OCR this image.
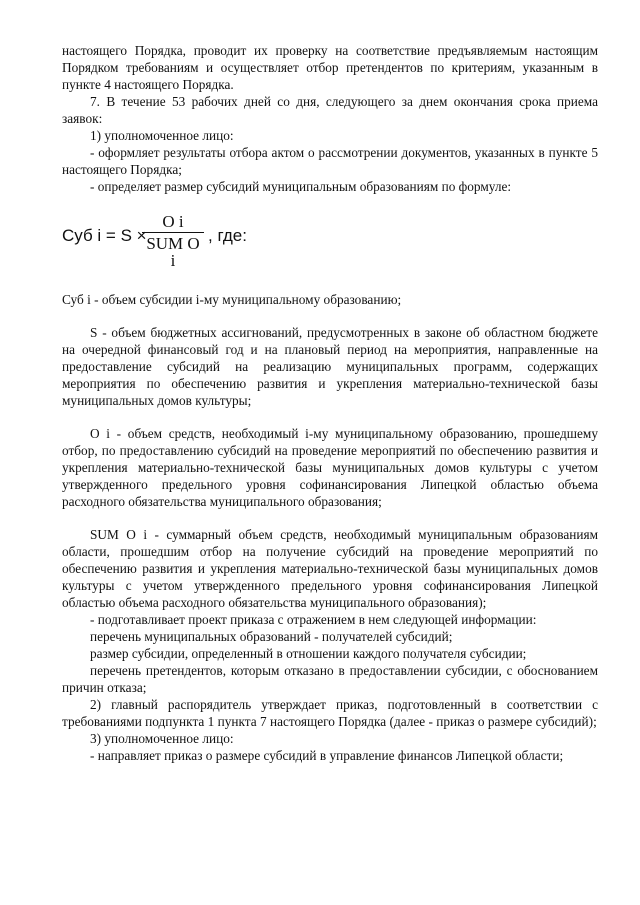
настоящего Порядка, проводит их проверку на соответствие предъявляемым настоящим Порядком требованиям и осуществляет отбор претендентов по критериям, указанным в пункте 4 настоящего Порядка.

7. В течение 53 рабочих дней со дня, следующего за днем окончания срока приема заявок:

1) уполномоченное лицо:

- оформляет результаты отбора актом о рассмотрении документов, указанных в пункте 5 настоящего Порядка;

- определяет размер субсидий муниципальным образованиям по формуле:

Суб i = S ×
O i
SUM O i
, где:

Суб i - объем субсидии i-му муниципальному образованию;

S - объем бюджетных ассигнований, предусмотренных в законе об областном бюджете на очередной финансовый год и на плановый период на мероприятия, направленные на предоставление субсидий на реализацию муниципальных программ, содержащих мероприятия по обеспечению развития и укрепления материально-технической базы муниципальных домов культуры;

O i - объем средств, необходимый i-му муниципальному образованию, прошедшему отбор, по предоставлению субсидий на проведение мероприятий по обеспечению развития и укрепления материально-технической базы муниципальных домов культуры с учетом утвержденного предельного уровня софинансирования Липецкой областью объема расходного обязательства муниципального образования;

SUM O i - суммарный объем средств, необходимый муниципальным образованиям области, прошедшим отбор на получение субсидий на проведение мероприятий по обеспечению развития и укрепления материально-технической базы муниципальных домов культуры с учетом утвержденного предельного уровня софинансирования Липецкой областью объема расходного обязательства муниципального образования);

- подготавливает проект приказа с отражением в нем следующей информации:

перечень муниципальных образований - получателей субсидий;

размер субсидии, определенный в отношении каждого получателя субсидии;

перечень претендентов, которым отказано в предоставлении субсидии, с обоснованием причин отказа;

2) главный распорядитель утверждает приказ, подготовленный в соответствии с требованиями подпункта 1 пункта 7 настоящего Порядка (далее - приказ о размере субсидий);

3) уполномоченное лицо:

- направляет приказ о размере субсидий в управление финансов Липецкой области;
